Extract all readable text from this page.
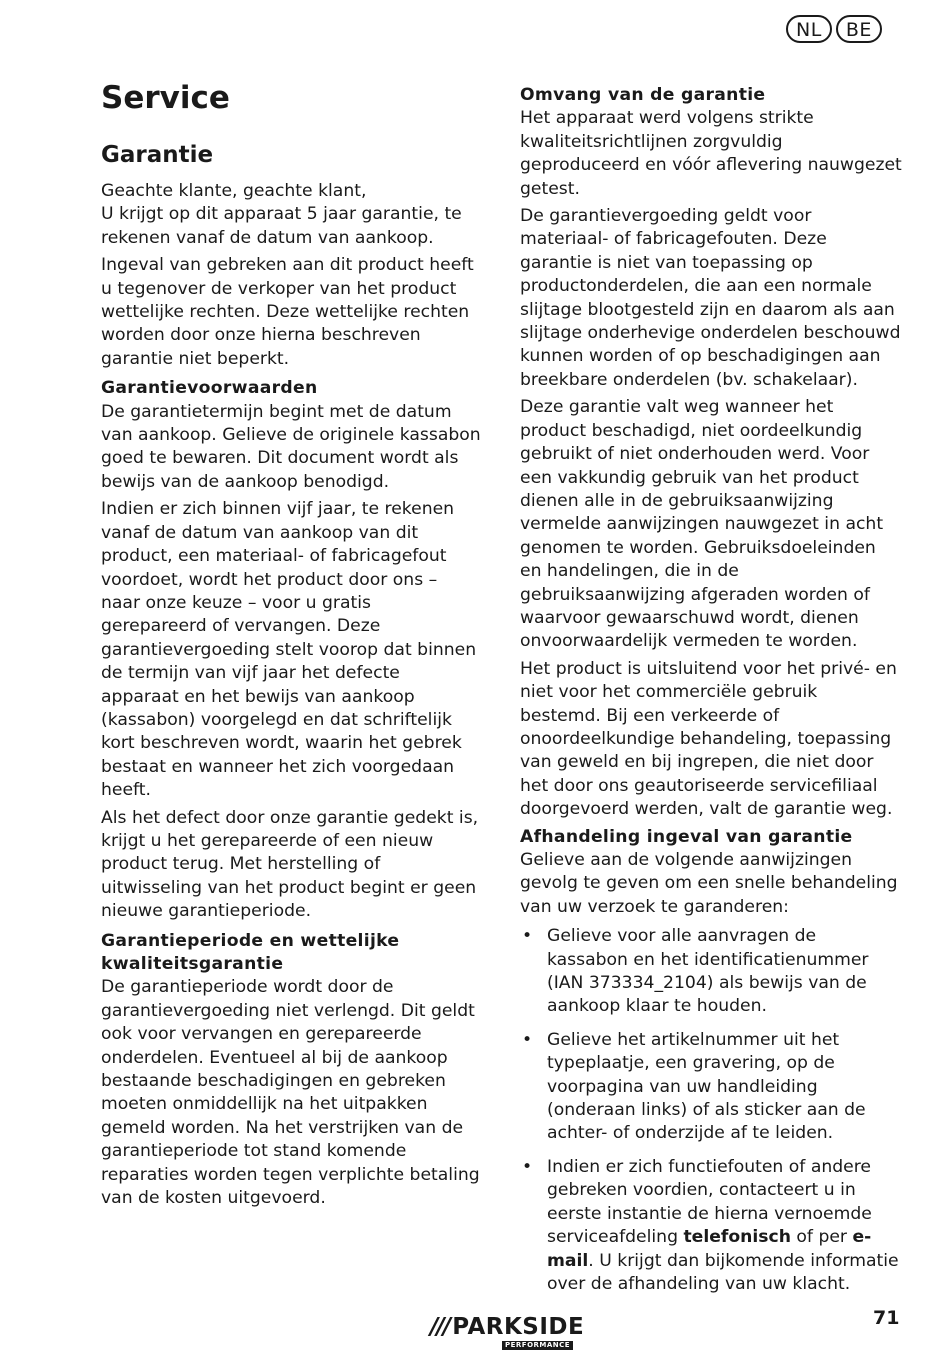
NL	BE
Service
Garantie

Geachte klante, geachte klant,

U krijgt op dit apparaat 5 jaar garantie, te rekenen vanaf de datum van aankoop.

Ingeval van gebreken aan dit product heeft u tegenover de verkoper van het product wettelijke rechten. Deze wettelijke rechten worden door onze hierna beschreven garantie niet beperkt.

Garantievoorwaarden

De garantietermijn begint met de datum van aankoop. Gelieve de originele kassabon goed te bewaren. Dit document wordt als bewijs van de aankoop benodigd.

Indien er zich binnen vijf jaar, te rekenen vanaf de datum van aankoop van dit product, een materiaal- of fabricagefout voordoet, wordt het product door ons – naar onze keuze – voor u gratis gerepareerd of vervangen. Deze garantievergoeding stelt voorop dat binnen de termijn van vijf jaar het defecte apparaat en het bewijs van aankoop (kassabon) voorgelegd en dat schriftelijk kort beschreven wordt, waarin het gebrek bestaat en wanneer het zich voorgedaan heeft.

Als het defect door onze garantie gedekt is, krijgt u het gerepareerde of een nieuw product terug. Met herstelling of uitwisseling van het product begint er geen nieuwe garantieperiode.

Garantieperiode en wettelijke kwaliteitsgarantie

De garantieperiode wordt door de garantievergoeding niet verlengd. Dit geldt ook voor vervangen en gerepareerde onderdelen. Eventueel al bij de aankoop bestaande beschadigingen en gebreken moeten onmiddellijk na het uitpakken gemeld worden. Na het verstrijken van de garantieperiode tot stand komende reparaties worden tegen verplichte betaling van de kosten uitgevoerd.

Omvang van de garantie

Het apparaat werd volgens strikte kwaliteitsrichtlijnen zorgvuldig geproduceerd en vóór aflevering nauwgezet getest.

De garantievergoeding geldt voor materiaal- of fabricagefouten. Deze garantie is niet van toepassing op productonderdelen, die aan een normale slijtage blootgesteld zijn en daarom als aan slijtage onderhevige onderdelen beschouwd kunnen worden of op beschadigingen aan breekbare onderdelen (bv. schakelaar).

Deze garantie valt weg wanneer het product beschadigd, niet oordeelkundig gebruikt of niet onderhouden werd. Voor een vakkundig gebruik van het product dienen alle in de gebruiksaanwijzing vermelde aanwijzingen nauwgezet in acht genomen te worden. Gebruiksdoeleinden en handelingen, die in de gebruiksaanwijzing afgeraden worden of waarvoor gewaarschuwd wordt, dienen onvoorwaardelijk vermeden te worden.

Het product is uitsluitend voor het privé- en niet voor het commerciële gebruik bestemd. Bij een verkeerde of onoordeelkundige behandeling, toepassing van geweld en bij ingrepen, die niet door het door ons geautoriseerde servicefiliaal doorgevoerd werden, valt de garantie weg.

Afhandeling ingeval van garantie

Gelieve aan de volgende aanwijzingen gevolg te geven om een snelle behandeling van uw verzoek te garanderen:

• Gelieve voor alle aanvragen de kassabon en het identificatienummer (IAN 373334_2104) als bewijs van de aankoop klaar te houden.
• Gelieve het artikelnummer uit het typeplaatje, een gravering, op de voorpagina van uw handleiding (onderaan links) of als sticker aan de achter- of onderzijde af te leiden.
• Indien er zich functiefouten of andere gebreken voordien, contacteert u in eerste instantie de hierna vernoemde serviceafdeling telefonisch of per e-mail. U krijgt dan bijkomende informatie over de afhandeling van uw klacht.
/// PARKSIDE
PERFORMANCE
71
